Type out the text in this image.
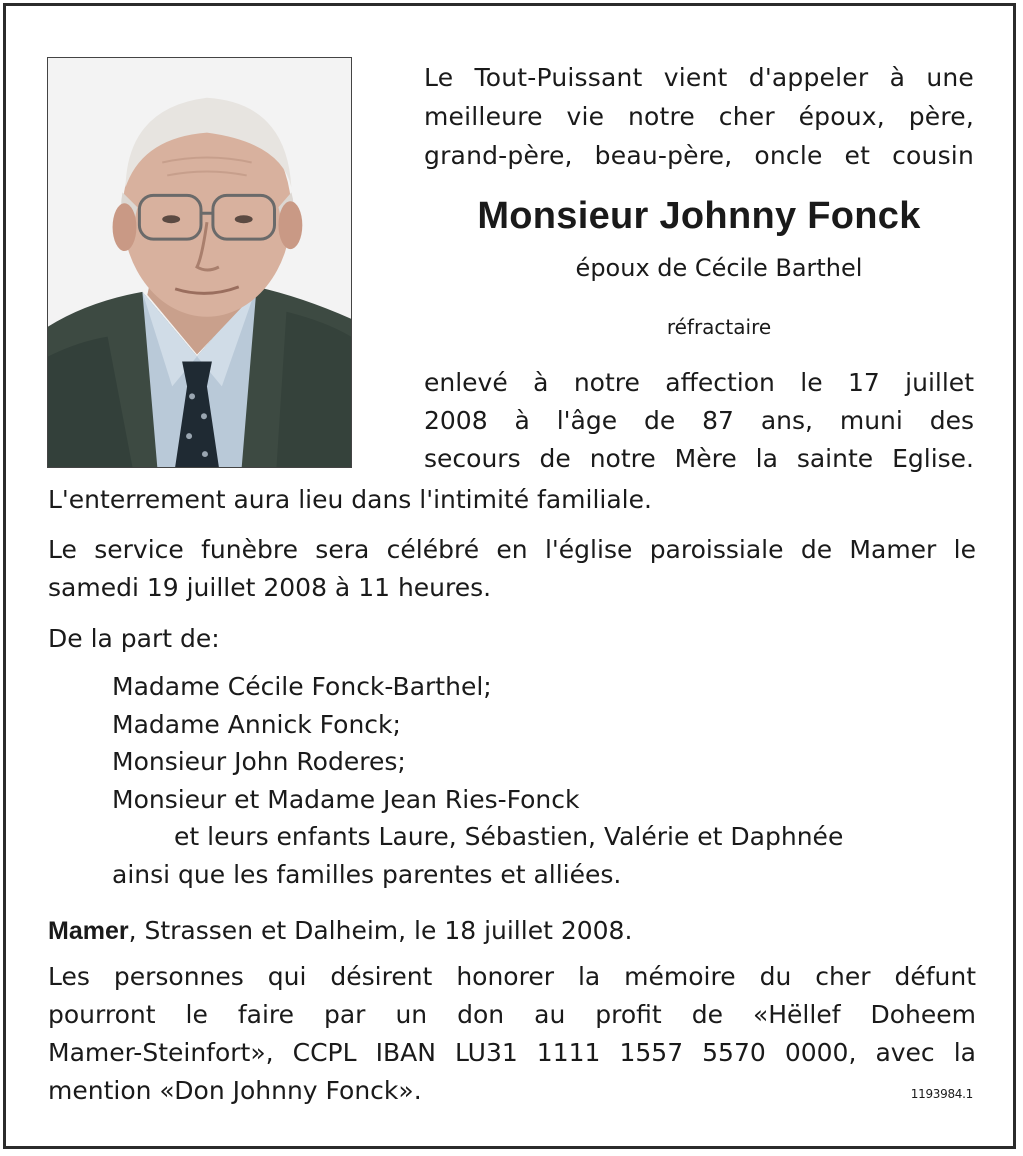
Le Tout-Puissant vient d'appeler à une
meilleure vie notre cher époux, père,
grand-père, beau-père, oncle et cousin
Monsieur Johnny Fonck
époux de Cécile Barthel
réfractaire
enlevé à notre affection le 17 juillet
2008 à l'âge de 87 ans, muni des
secours de notre Mère la sainte Eglise.
L'enterrement aura lieu dans l'intimité familiale.
Le service funèbre sera célébré en l'église paroissiale de Mamer le
samedi 19 juillet 2008 à 11 heures.
De la part de:
Madame Cécile Fonck-Barthel;
Madame Annick Fonck;
Monsieur John Roderes;
Monsieur et Madame Jean Ries-Fonck
et leurs enfants Laure, Sébastien, Valérie et Daphnée
ainsi que les familles parentes et alliées.
Mamer, Strassen et Dalheim, le 18 juillet 2008.
Les personnes qui désirent honorer la mémoire du cher défunt
pourront le faire par un don au profit de «Hëllef Doheem
Mamer-Steinfort», CCPL IBAN LU31 1111 1557 5570 0000, avec la
mention «Don Johnny Fonck».	1193984.1
